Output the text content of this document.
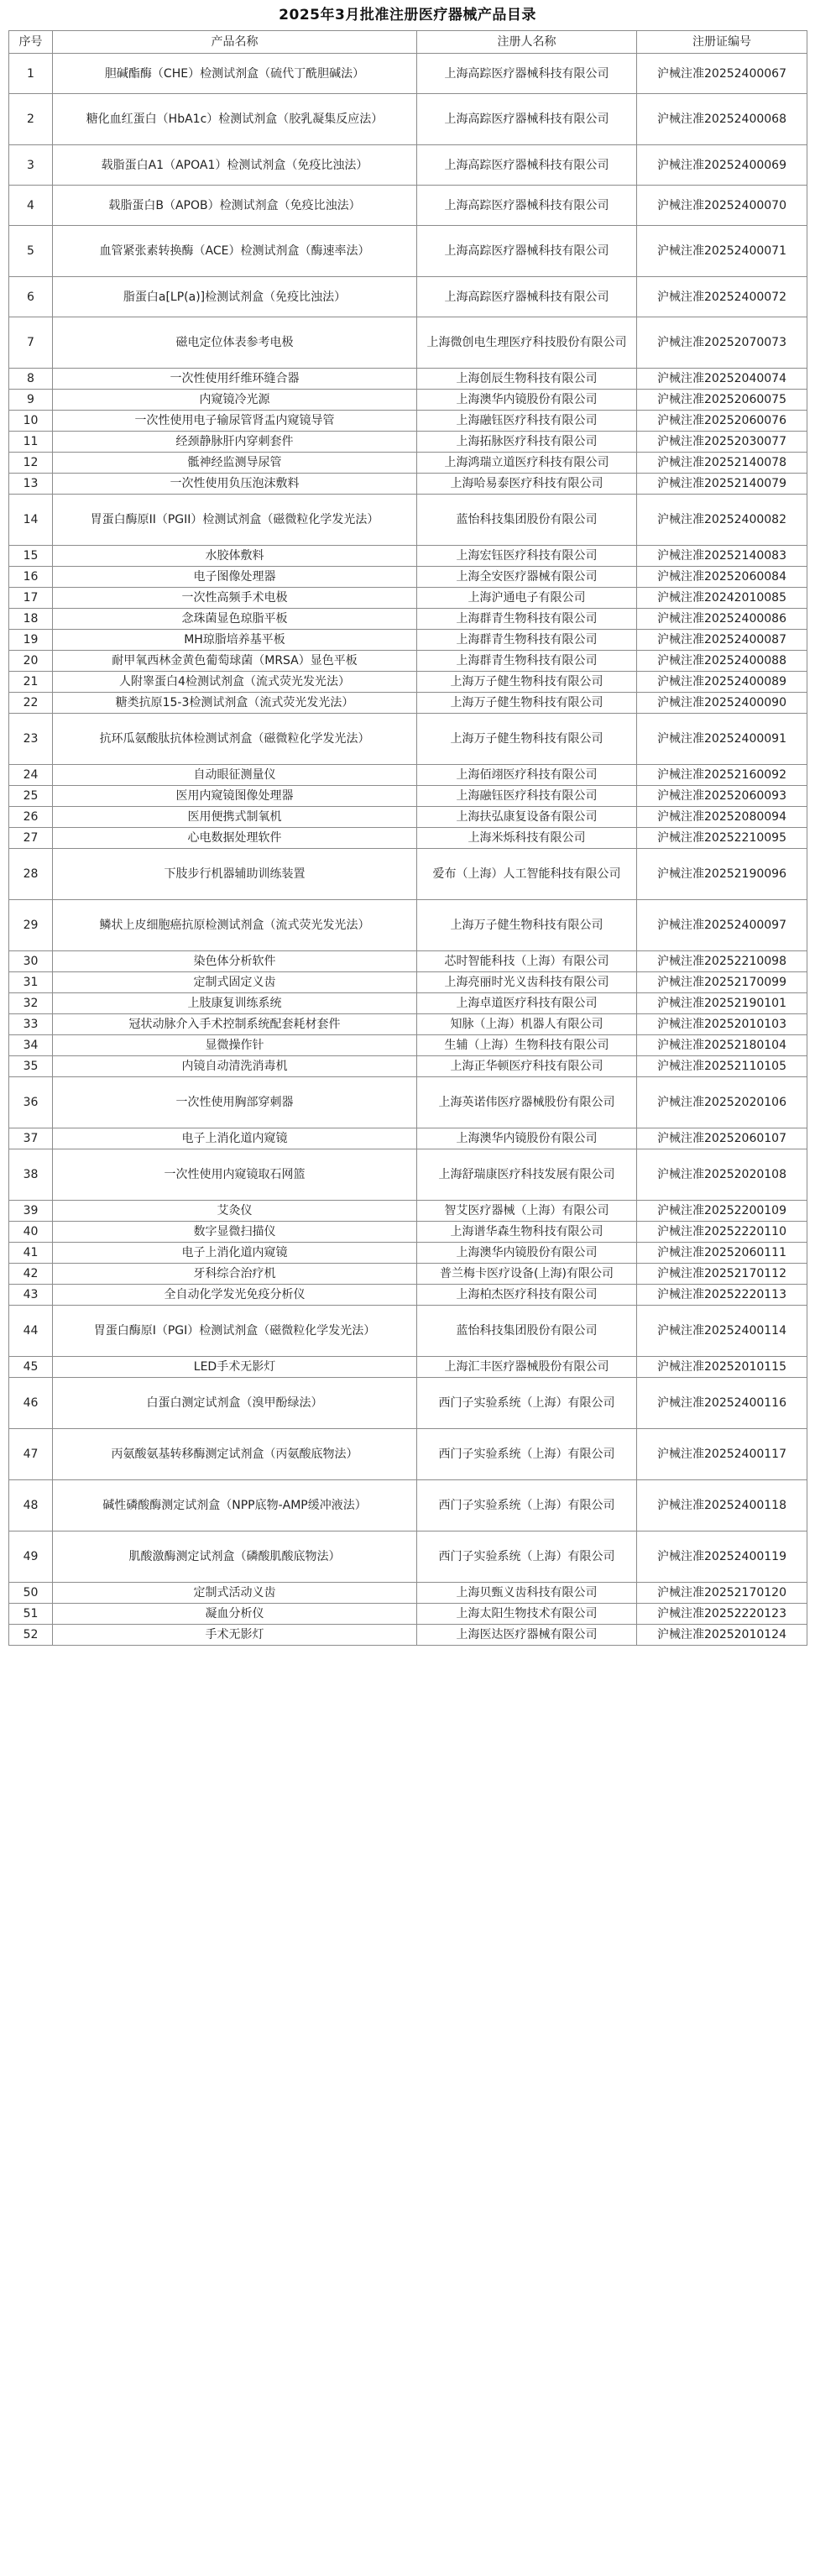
2025年3月批准注册医疗器械产品目录
序号	产品名称	注册人名称	注册证编号
1	胆碱酯酶（CHE）检测试剂盒（硫代丁酰胆碱法）	上海高踪医疗器械科技有限公司	沪械注准20252400067
2	糖化血红蛋白（HbA1c）检测试剂盒（胶乳凝集反应法）	上海高踪医疗器械科技有限公司	沪械注准20252400068
3	载脂蛋白A1（APOA1）检测试剂盒（免疫比浊法）	上海高踪医疗器械科技有限公司	沪械注准20252400069
4	载脂蛋白B（APOB）检测试剂盒（免疫比浊法）	上海高踪医疗器械科技有限公司	沪械注准20252400070
5	血管紧张素转换酶（ACE）检测试剂盒（酶速率法）	上海高踪医疗器械科技有限公司	沪械注准20252400071
6	脂蛋白a[LP(a)]检测试剂盒（免疫比浊法）	上海高踪医疗器械科技有限公司	沪械注准20252400072
7	磁电定位体表参考电极	上海微创电生理医疗科技股份有限公司	沪械注准20252070073
8	一次性使用纤维环缝合器	上海创辰生物科技有限公司	沪械注准20252040074
9	内窥镜冷光源	上海澳华内镜股份有限公司	沪械注准20252060075
10	一次性使用电子输尿管肾盂内窥镜导管	上海融钰医疗科技有限公司	沪械注准20252060076
11	经颈静脉肝内穿刺套件	上海拓脉医疗科技有限公司	沪械注准20252030077
12	骶神经监测导尿管	上海鸿瑞立道医疗科技有限公司	沪械注准20252140078
13	一次性使用负压泡沫敷料	上海哈易泰医疗科技有限公司	沪械注准20252140079
14	胃蛋白酶原II（PGII）检测试剂盒（磁微粒化学发光法）	蓝怡科技集团股份有限公司	沪械注准20252400082
15	水胶体敷料	上海宏钰医疗科技有限公司	沪械注准20252140083
16	电子图像处理器	上海全安医疗器械有限公司	沪械注准20252060084
17	一次性高频手术电极	上海沪通电子有限公司	沪械注准20242010085
18	念珠菌显色琼脂平板	上海群青生物科技有限公司	沪械注准20252400086
19	MH琼脂培养基平板	上海群青生物科技有限公司	沪械注准20252400087
20	耐甲氧西林金黄色葡萄球菌（MRSA）显色平板	上海群青生物科技有限公司	沪械注准20252400088
21	人附睾蛋白4检测试剂盒（流式荧光发光法）	上海万子健生物科技有限公司	沪械注准20252400089
22	糖类抗原15-3检测试剂盒（流式荧光发光法）	上海万子健生物科技有限公司	沪械注准20252400090
23	抗环瓜氨酸肽抗体检测试剂盒（磁微粒化学发光法）	上海万子健生物科技有限公司	沪械注准20252400091
24	自动眼征测量仪	上海佰翊医疗科技有限公司	沪械注准20252160092
25	医用内窥镜图像处理器	上海融钰医疗科技有限公司	沪械注准20252060093
26	医用便携式制氧机	上海扶弘康复设备有限公司	沪械注准20252080094
27	心电数据处理软件	上海米烁科技有限公司	沪械注准20252210095
28	下肢步行机器辅助训练装置	爱布（上海）人工智能科技有限公司	沪械注准20252190096
29	鳞状上皮细胞癌抗原检测试剂盒（流式荧光发光法）	上海万子健生物科技有限公司	沪械注准20252400097
30	染色体分析软件	芯时智能科技（上海）有限公司	沪械注准20252210098
31	定制式固定义齿	上海亮丽时光义齿科技有限公司	沪械注准20252170099
32	上肢康复训练系统	上海卓道医疗科技有限公司	沪械注准20252190101
33	冠状动脉介入手术控制系统配套耗材套件	知脉（上海）机器人有限公司	沪械注准20252010103
34	显微操作针	生辅（上海）生物科技有限公司	沪械注准20252180104
35	内镜自动清洗消毒机	上海正华顿医疗科技有限公司	沪械注准20252110105
36	一次性使用胸部穿刺器	上海英诺伟医疗器械股份有限公司	沪械注准20252020106
37	电子上消化道内窥镜	上海澳华内镜股份有限公司	沪械注准20252060107
38	一次性使用内窥镜取石网篮	上海舒瑞康医疗科技发展有限公司	沪械注准20252020108
39	艾灸仪	智艾医疗器械（上海）有限公司	沪械注准20252200109
40	数字显微扫描仪	上海谱华森生物科技有限公司	沪械注准20252220110
41	电子上消化道内窥镜	上海澳华内镜股份有限公司	沪械注准20252060111
42	牙科综合治疗机	普兰梅卡医疗设备(上海)有限公司	沪械注准20252170112
43	全自动化学发光免疫分析仪	上海柏杰医疗科技有限公司	沪械注准20252220113
44	胃蛋白酶原I（PGI）检测试剂盒（磁微粒化学发光法）	蓝怡科技集团股份有限公司	沪械注准20252400114
45	LED手术无影灯	上海汇丰医疗器械股份有限公司	沪械注准20252010115
46	白蛋白测定试剂盒（溴甲酚绿法）	西门子实验系统（上海）有限公司	沪械注准20252400116
47	丙氨酸氨基转移酶测定试剂盒（丙氨酸底物法）	西门子实验系统（上海）有限公司	沪械注准20252400117
48	碱性磷酸酶测定试剂盒（NPP底物-AMP缓冲液法）	西门子实验系统（上海）有限公司	沪械注准20252400118
49	肌酸激酶测定试剂盒（磷酸肌酸底物法）	西门子实验系统（上海）有限公司	沪械注准20252400119
50	定制式活动义齿	上海贝甄义齿科技有限公司	沪械注准20252170120
51	凝血分析仪	上海太阳生物技术有限公司	沪械注准20252220123
52	手术无影灯	上海医达医疗器械有限公司	沪械注准20252010124
